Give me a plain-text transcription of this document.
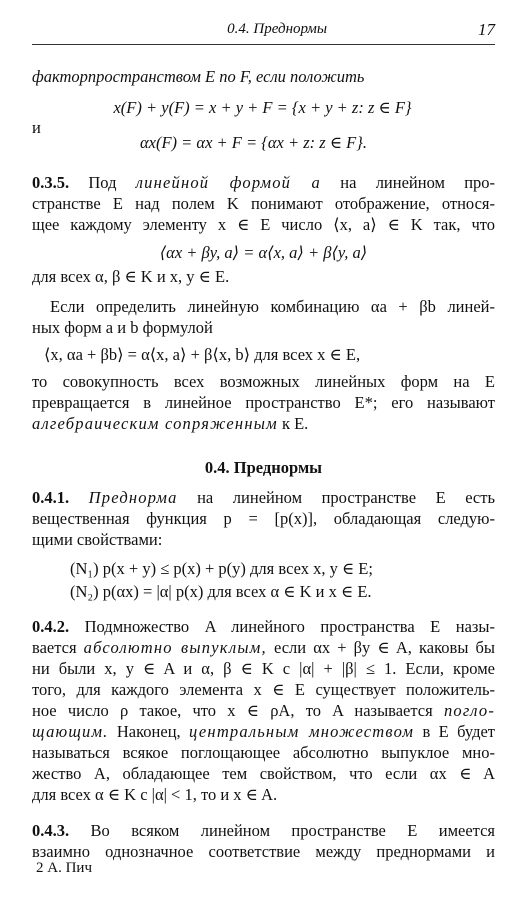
0.4. Преднормы	17
факторпространством E по F, если положить
x(F) + y(F) = x + y + F = {x + y + z: z ∈ F}
и
αx(F) = αx + F = {αx + z: z ∈ F}.
0.3.5. Под линейной формой a на линейном про-
странстве E над полем K понимают отображение, относя-
щее каждому элементу x ∈ E число ⟨x, a⟩ ∈ K так, что
⟨αx + βy, a⟩ = α⟨x, a⟩ + β⟨y, a⟩
для всех α, β ∈ K и x, y ∈ E.
Если определить линейную комбинацию αa + βb линей-
ных форм a и b формулой
⟨x, αa + βb⟩ = α⟨x, a⟩ + β⟨x, b⟩ для всех x ∈ E,
то совокупность всех возможных линейных форм на E
превращается в линейное пространство E*; его называют
алгебраическим сопряженным к E.
0.4. Преднормы
0.4.1. Преднорма на линейном пространстве E есть
вещественная функция p = [p(x)], обладающая следую-
щими свойствами:
(N₁) p(x + y) ≤ p(x) + p(y) для всех x, y ∈ E;
(N₂) p(αx) = |α| p(x) для всех α ∈ K и x ∈ E.
0.4.2. Подмножество A линейного пространства E назы-
вается абсолютно выпуклым, если αx + βy ∈ A, каковы бы
ни были x, y ∈ A и α, β ∈ K с |α| + |β| ≤ 1. Если, кроме
того, для каждого элемента x ∈ E существует положитель-
ное число ρ такое, что x ∈ ρA, то A называется погло-
щающим. Наконец, центральным множеством в E будет
называться всякое поглощающее абсолютно выпуклое мно-
жество A, обладающее тем свойством, что если αx ∈ A
для всех α ∈ K с |α| < 1, то и x ∈ A.
0.4.3. Во всяком линейном пространстве E имеется
взаимно однозначное соответствие между преднормами и
2 А. Пич
